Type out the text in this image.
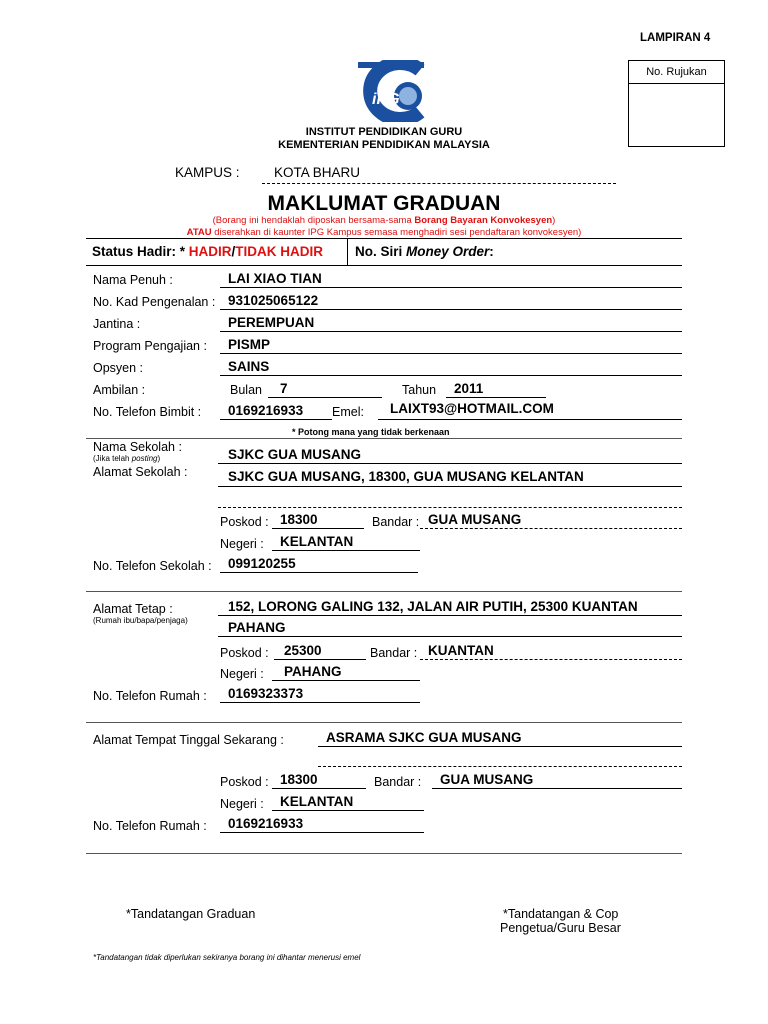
LAMPIRAN 4
No. Rujukan
iPG
INSTITUT PENDIDIKAN GURU
KEMENTERIAN PENDIDIKAN MALAYSIA
KAMPUS :	KOTA BHARU
MAKLUMAT GRADUAN
(Borang ini hendaklah diposkan bersama-sama Borang Bayaran Konvokesyen)
ATAU diserahkan di kaunter IPG Kampus semasa menghadiri sesi pendaftaran konvokesyen)
Status Hadir: * HADIR/TIDAK HADIR No. Siri Money Order:
Nama Penuh :	LAI XIAO TIAN
No. Kad Pengenalan : 931025065122
Jantina :	PEREMPUAN
Program Pengajian : PISMP
Opsyen :	SAINS
Ambilan :	Bulan 7	Tahun 2011
No. Telefon Bimbit : 0169216933 Emel: LAIXT93@HOTMAIL.COM
* Potong mana yang tidak berkenaan
Nama Sekolah :
(Jika telah posting)	SJKC GUA MUSANG
Alamat Sekolah :	SJKC GUA MUSANG, 18300, GUA MUSANG KELANTAN
Poskod : 18300	Bandar : GUA MUSANG
Negeri : KELANTAN
No. Telefon Sekolah : 099120255
Alamat Tetap :
(Rumah ibu/bapa/penjaga)
152, LORONG GALING 132, JALAN AIR PUTIH, 25300 KUANTAN
PAHANG
Poskod : 25300	Bandar : KUANTAN
Negeri : PAHANG
No. Telefon Rumah : 0169323373
Alamat Tempat Tinggal Sekarang :	ASRAMA SJKC GUA MUSANG
Poskod : 18300	Bandar : GUA MUSANG
Negeri : KELANTAN
No. Telefon Rumah : 0169216933
*Tandatangan Graduan	*Tandatangan & Cop
Pengetua/Guru Besar
*Tandatangan tidak diperlukan sekiranya borang ini dihantar menerusi emel
